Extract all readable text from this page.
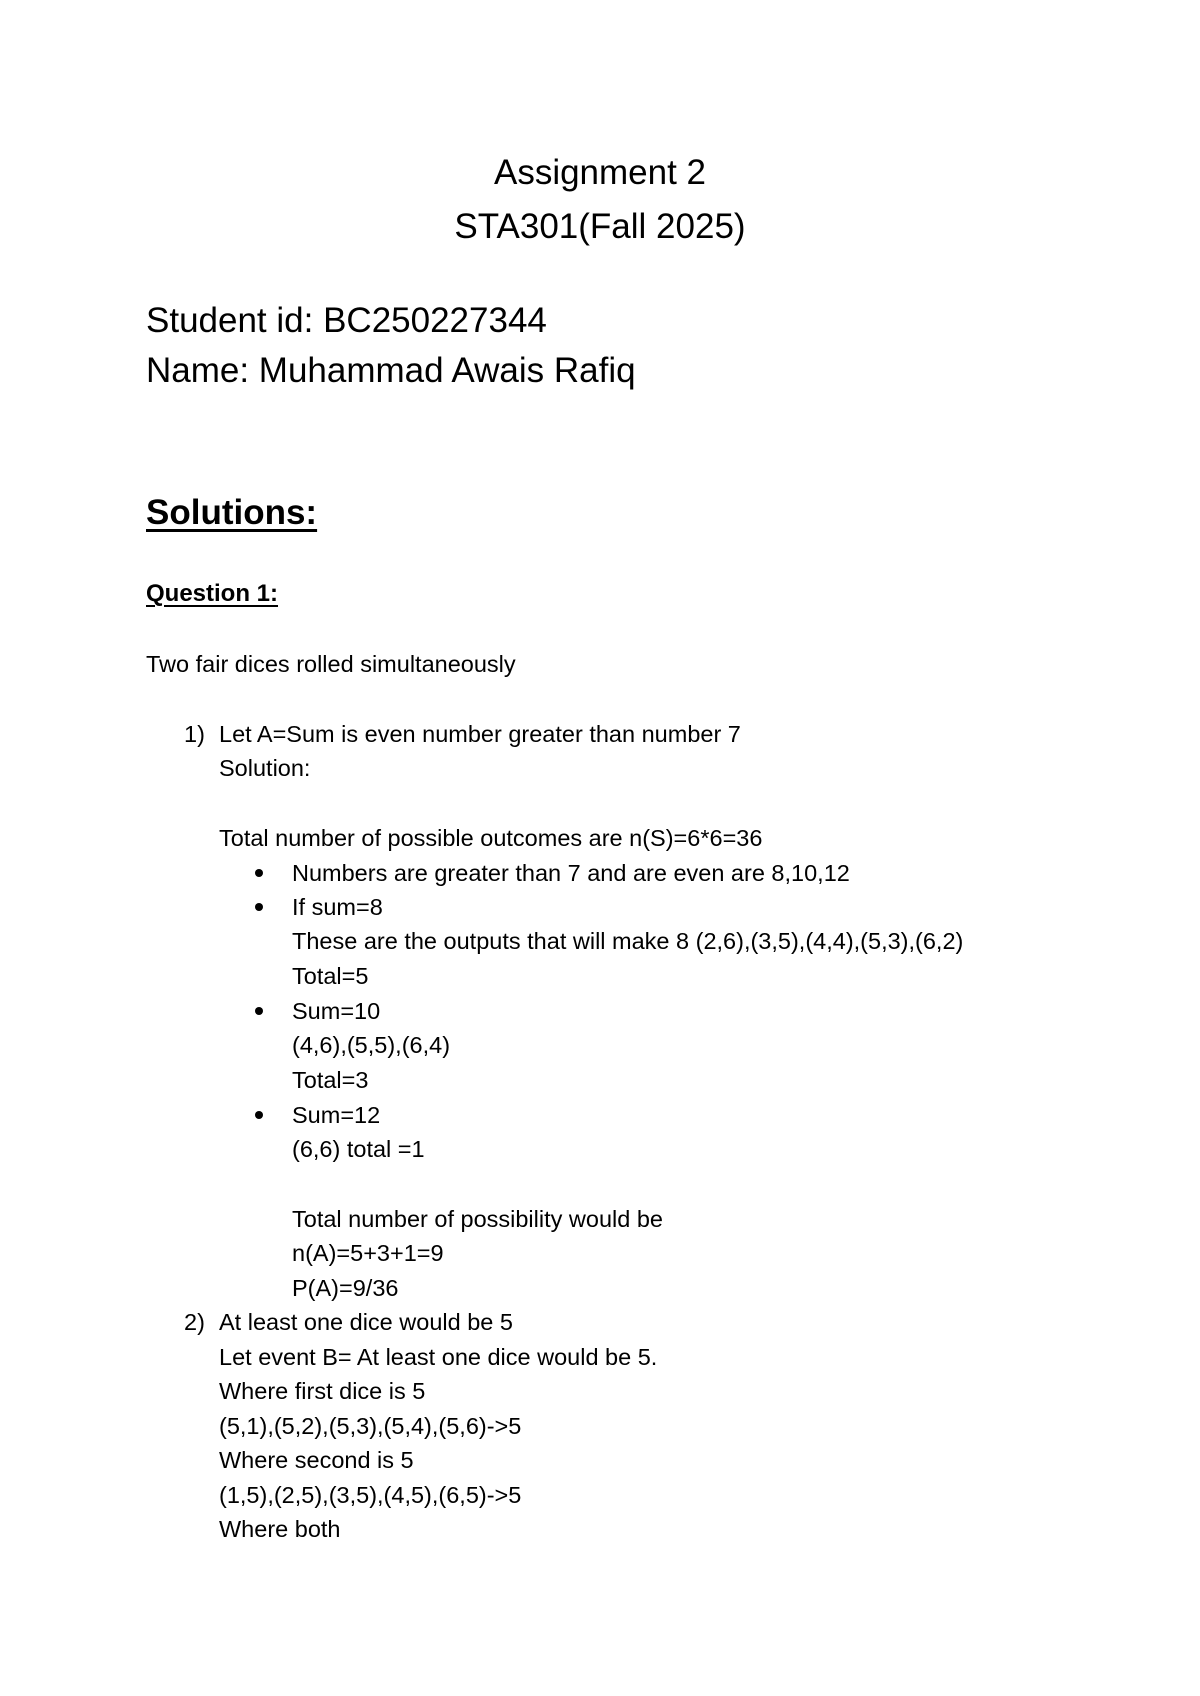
Assignment 2
STA301(Fall 2025)
Student id: BC250227344
Name: Muhammad Awais Rafiq
Solutions:
Question 1:
Two fair dices rolled simultaneously
1) Let A=Sum is even number greater than number 7
Solution:
Total number of possible outcomes are n(S)=6*6=36
Numbers are greater than 7 and are even are 8,10,12
If sum=8
These are the outputs that will make 8 (2,6),(3,5),(4,4),(5,3),(6,2)
Total=5
Sum=10
(4,6),(5,5),(6,4)
Total=3
Sum=12
(6,6) total =1
Total number of possibility would be
n(A)=5+3+1=9
P(A)=9/36
2) At least one dice would be 5
Let event B= At least one dice would be 5.
Where first dice is 5
(5,1),(5,2),(5,3),(5,4),(5,6)->5
Where second is 5
(1,5),(2,5),(3,5),(4,5),(6,5)->5
Where both
